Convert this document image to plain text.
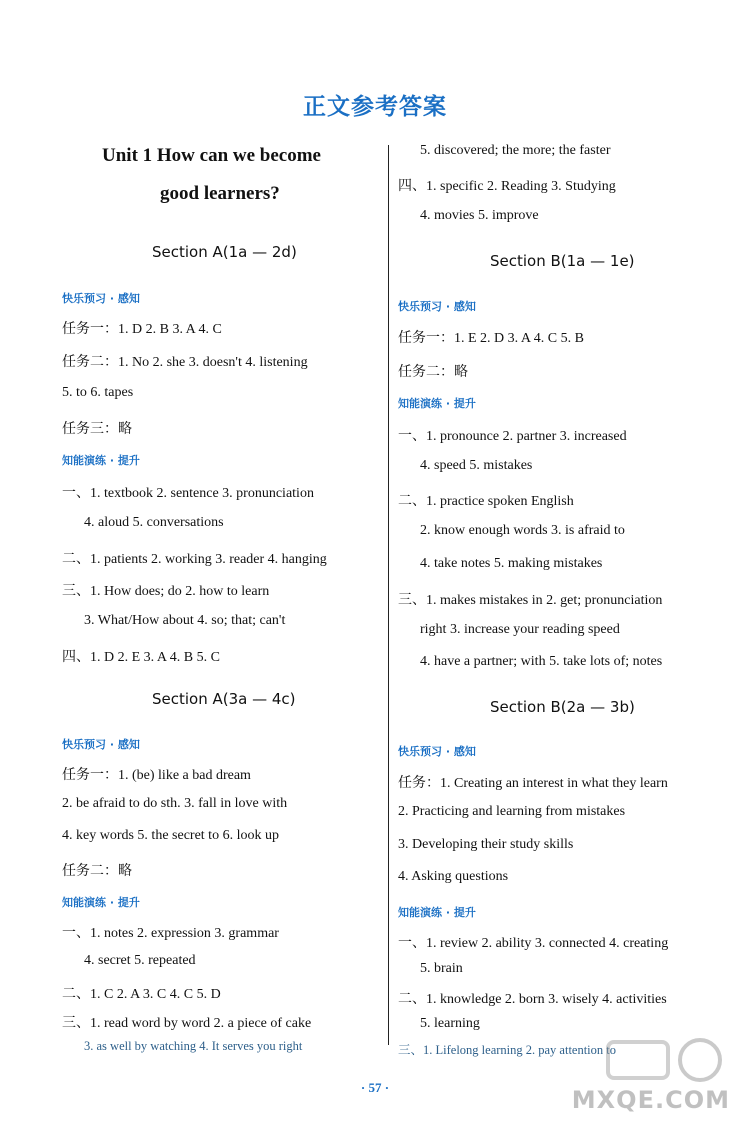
正文参考答案
Unit 1 How can we become
good learners?
Section A(1a — 2d)
快乐预习 · 感知
任务一：1. D 2. B 3. A 4. C
任务二：1. No 2. she 3. doesn't 4. listening
5. to 6. tapes
任务三：略
知能演练 · 提升
一、1. textbook 2. sentence 3. pronunciation
4. aloud 5. conversations
二、1. patients 2. working 3. reader 4. hanging
三、1. How does; do 2. how to learn
3. What/How about 4. so; that; can't
四、1. D 2. E 3. A 4. B 5. C
Section A(3a — 4c)
快乐预习 · 感知
任务一：1. (be) like a bad dream
2. be afraid to do sth. 3. fall in love with
4. key words 5. the secret to 6. look up
任务二：略
知能演练 · 提升
一、1. notes 2. expression 3. grammar
4. secret 5. repeated
二、1. C 2. A 3. C 4. C 5. D
三、1. read word by word 2. a piece of cake
3. as well by watching 4. It serves you right
5. discovered; the more; the faster
四、1. specific 2. Reading 3. Studying
4. movies 5. improve
Section B(1a — 1e)
快乐预习 · 感知
任务一：1. E 2. D 3. A 4. C 5. B
任务二：略
知能演练 · 提升
一、1. pronounce 2. partner 3. increased
4. speed 5. mistakes
二、1. practice spoken English
2. know enough words 3. is afraid to
4. take notes 5. making mistakes
三、1. makes mistakes in 2. get; pronunciation
right 3. increase your reading speed
4. have a partner; with 5. take lots of; notes
Section B(2a — 3b)
快乐预习 · 感知
任务：1. Creating an interest in what they learn
2. Practicing and learning from mistakes
3. Developing their study skills
4. Asking questions
知能演练 · 提升
一、1. review 2. ability 3. connected 4. creating
5. brain
二、1. knowledge 2. born 3. wisely 4. activities
5. learning
三、1. Lifelong learning 2. pay attention to
· 57 ·	MXQE.COM
